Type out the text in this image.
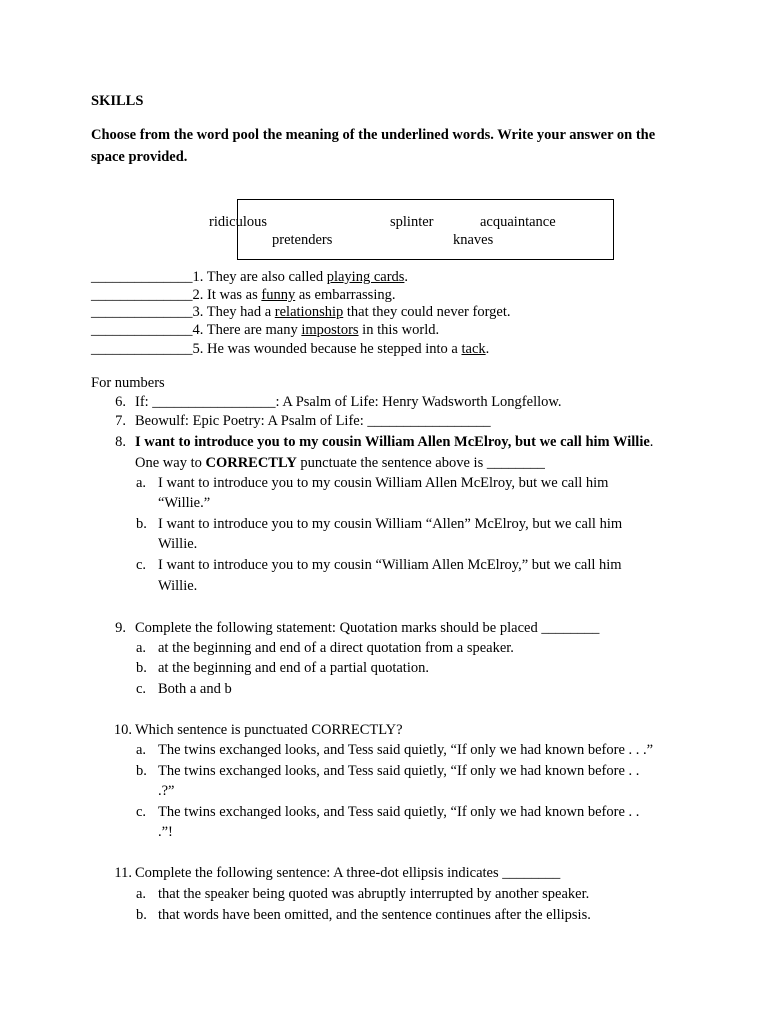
SKILLS
Choose from the word pool the meaning of the underlined words. Write your answer on the
space provided.
ridiculous	splinter	acquaintance
pretenders	knaves
______________1. They are also called playing cards.
______________2. It was as funny as embarrassing.
______________3. They had a relationship that they could never forget.
______________4. There are many impostors in this world.
______________5. He was wounded because he stepped into a tack.
For numbers
6. If: _________________: A Psalm of Life: Henry Wadsworth Longfellow.
7. Beowulf: Epic Poetry: A Psalm of Life: _________________
8. I want to introduce you to my cousin William Allen McElroy, but we call him Willie.
One way to CORRECTLY punctuate the sentence above is ________
a. I want to introduce you to my cousin William Allen McElroy, but we call him
“Willie.”
b. I want to introduce you to my cousin William “Allen” McElroy, but we call him
Willie.
c. I want to introduce you to my cousin “William Allen McElroy,” but we call him
Willie.
9. Complete the following statement: Quotation marks should be placed ________
a. at the beginning and end of a direct quotation from a speaker.
b. at the beginning and end of a partial quotation.
c. Both a and b
10. Which sentence is punctuated CORRECTLY?
a. The twins exchanged looks, and Tess said quietly, “If only we had known before . . .”
b. The twins exchanged looks, and Tess said quietly, “If only we had known before . .
.?”
c. The twins exchanged looks, and Tess said quietly, “If only we had known before . .
.”!
11. Complete the following sentence: A three-dot ellipsis indicates ________
a. that the speaker being quoted was abruptly interrupted by another speaker.
b. that words have been omitted, and the sentence continues after the ellipsis.
